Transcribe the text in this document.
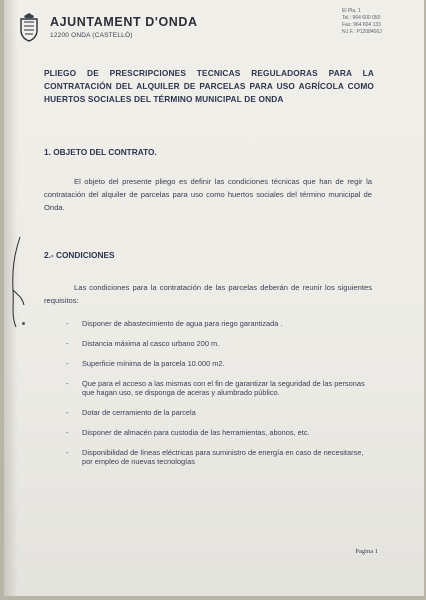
AJUNTAMENT D'ONDA
12200 ONDA (CASTELLÓ)
El Pla, 1
Tel.: 964 600 050
Fax: 964 604 133
N.I.F.: P1208400J
PLIEGO DE PRESCRIPCIONES TECNICAS REGULADORAS PARA LA CONTRATACIÓN DEL ALQUILER DE PARCELAS PARA USO AGRÍCOLA COMO HUERTOS SOCIALES DEL TÉRMINO MUNICIPAL DE ONDA
1. OBJETO DEL CONTRATO.
El objeto del presente pliego es definir las condiciones técnicas que han de regir la contratación del alquiler de parcelas para uso como huertos sociales del término municipal de Onda.
2.- CONDICIONES
Las condiciones para la contratación de las parcelas deberán de reunir los siguientes requisitos:
- Disponer de abastecimiento de agua para riego garantizada .
- Distancia máxima al casco urbano 200 m.
- Superficie mínima de la parcela 10.000 m2.
- Que para el acceso a las mismas con el fin de garantizar la seguridad de las personas que hagan uso, se disponga de aceras y alumbrado público.
- Dotar de cerramiento de la parcela
- Disponer de almacén para custodia de las herramientas, abonos, etc.
- Disponibilidad de líneas eléctricas para suministro de energía en caso de necesitarse, por empleo de nuevas tecnologías
Pagina 1
